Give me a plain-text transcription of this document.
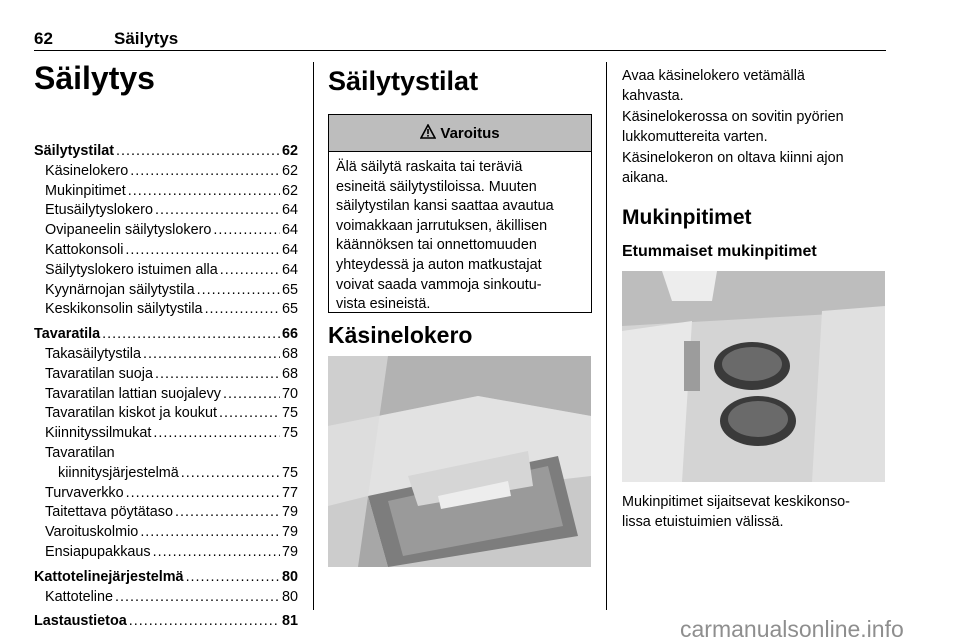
62	Säilytys
Säilytys
Säilytystilat .....	62
Käsinelokero .....	62
Mukinpitimet .....	62
Etusäilytyslokero .....	64
Ovipaneelin säilytyslokero .....	64
Kattokonsoli .....	64
Säilytyslokero istuimen alla .....	64
Kyynärnojan säilytystila .....	65
Keskikonsolin säilytystila .....	65
Tavaratila .....	66
Takasäilytystila .....	68
Tavaratilan suoja .....	68
Tavaratilan lattian suojalevy .....	70
Tavaratilan kiskot ja koukut .....	75
Kiinnityssilmukat .....	75
Tavaratilan
kiinnitysjärjestelmä .....	75
Turvaverkko .....	77
Taitettava pöytätaso .....	79
Varoituskolmio .....	79
Ensiapupakkaus .....	79
Kattotelinejärjestelmä .....	80
Kattoteline .....	80
Lastaustietoa .....	81
Säilytystilat
Varoitus
Älä säilytä raskaita tai teräviä
esineitä säilytystiloissa. Muuten
säilytystilan kansi saattaa avautua
voimakkaan jarrutuksen, äkillisen
käännöksen tai onnettomuuden
yhteydessä ja auton matkustajat
voivat saada vammoja sinkoutu-
vista esineistä.
Käsinelokero
Avaa käsinelokero vetämällä
kahvasta.
Käsinelokerossa on sovitin pyörien
lukkomuttereita varten.
Käsinelokeron on oltava kiinni ajon
aikana.
Mukinpitimet
Etummaiset mukinpitimet
Mukinpitimet sijaitsevat keskikonso-
lissa etuistuimien välissä.
carmanualsonline.info
